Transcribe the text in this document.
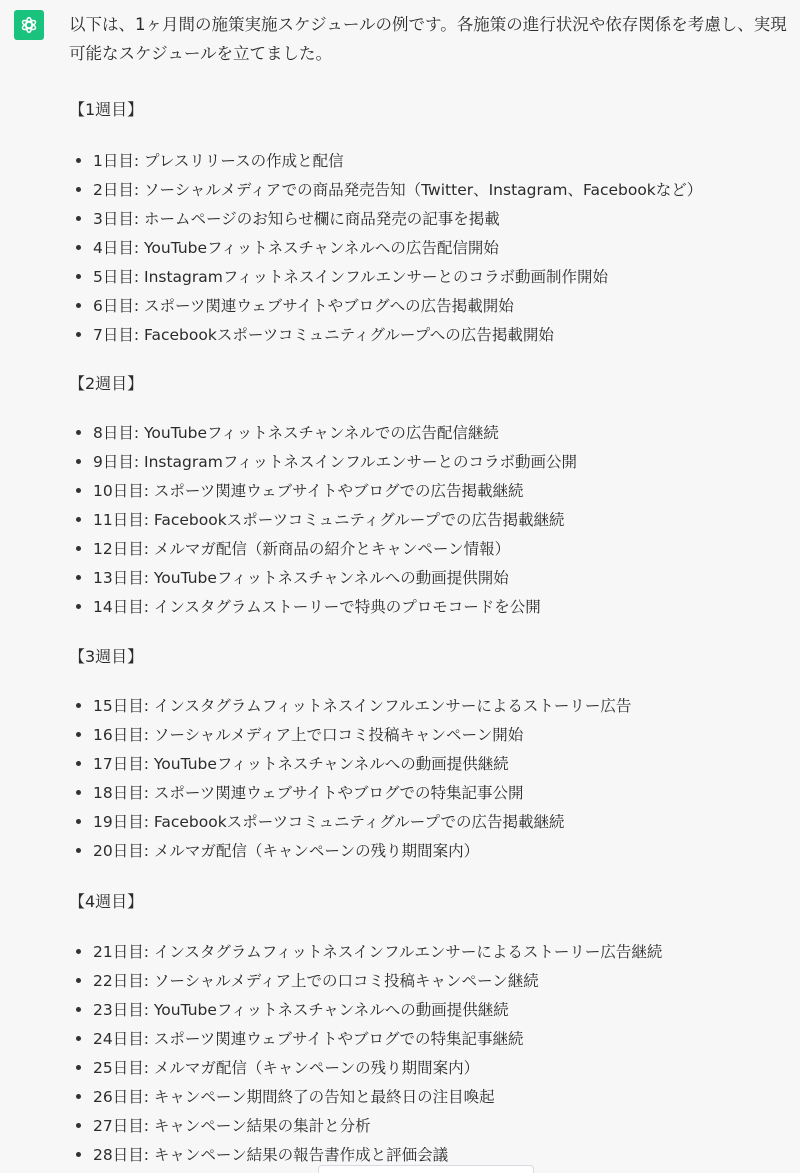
以下は、1ヶ月間の施策実施スケジュールの例です。各施策の進行状況や依存関係を考慮し、実現可能なスケジュールを立てました。

【1週目】

1日目: プレスリリースの作成と配信
2日目: ソーシャルメディアでの商品発売告知（Twitter、Instagram、Facebookなど）
3日目: ホームページのお知らせ欄に商品発売の記事を掲載
4日目: YouTubeフィットネスチャンネルへの広告配信開始
5日目: Instagramフィットネスインフルエンサーとのコラボ動画制作開始
6日目: スポーツ関連ウェブサイトやブログへの広告掲載開始
7日目: Facebookスポーツコミュニティグループへの広告掲載開始

【2週目】

8日目: YouTubeフィットネスチャンネルでの広告配信継続
9日目: Instagramフィットネスインフルエンサーとのコラボ動画公開
10日目: スポーツ関連ウェブサイトやブログでの広告掲載継続
11日目: Facebookスポーツコミュニティグループでの広告掲載継続
12日目: メルマガ配信（新商品の紹介とキャンペーン情報）
13日目: YouTubeフィットネスチャンネルへの動画提供開始
14日目: インスタグラムストーリーで特典のプロモコードを公開

【3週目】

15日目: インスタグラムフィットネスインフルエンサーによるストーリー広告
16日目: ソーシャルメディア上で口コミ投稿キャンペーン開始
17日目: YouTubeフィットネスチャンネルへの動画提供継続
18日目: スポーツ関連ウェブサイトやブログでの特集記事公開
19日目: Facebookスポーツコミュニティグループでの広告掲載継続
20日目: メルマガ配信（キャンペーンの残り期間案内）

【4週目】

21日目: インスタグラムフィットネスインフルエンサーによるストーリー広告継続
22日目: ソーシャルメディア上での口コミ投稿キャンペーン継続
23日目: YouTubeフィットネスチャンネルへの動画提供継続
24日目: スポーツ関連ウェブサイトやブログでの特集記事継続
25日目: メルマガ配信（キャンペーンの残り期間案内）
26日目: キャンペーン期間終了の告知と最終日の注目喚起
27日目: キャンペーン結果の集計と分析
28日目: キャンペーン結果の報告書作成と評価会議
